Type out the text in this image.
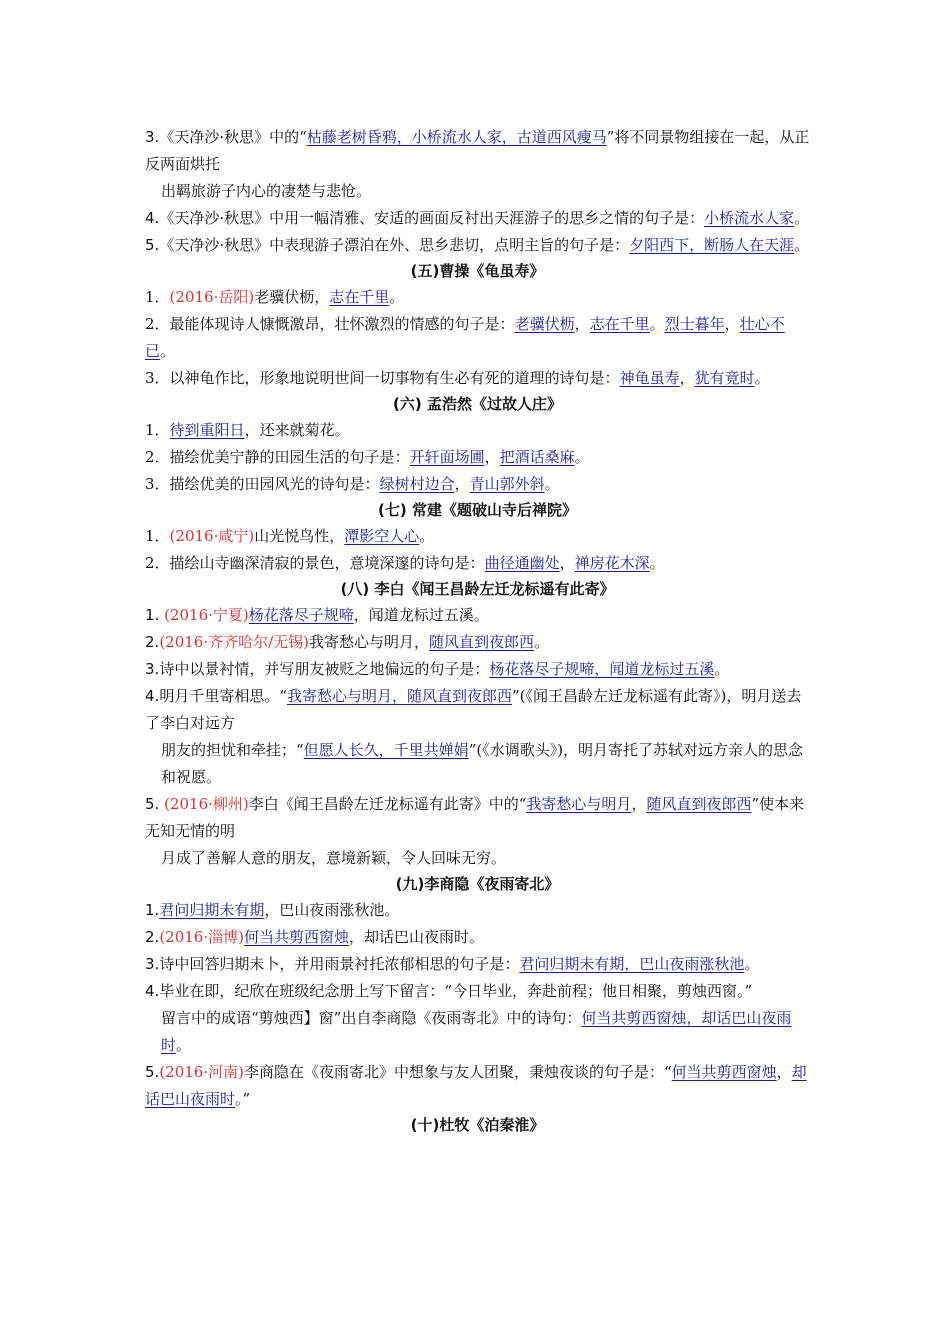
3.《天净沙·秋思》中的“枯藤老树昏鸦，小桥流水人家，古道西风瘦马”将不同景物组接在一起，从正反两面烘托

出羁旅游子内心的凄楚与悲怆。

4.《天净沙·秋思》中用一幅清雅、安适的画面反衬出天涯游子的思乡之情的句子是：小桥流水人家。

5.《天净沙·秋思》中表现游子漂泊在外、思乡悲切，点明主旨的句子是：夕阳西下，断肠人在天涯。

(五)曹操《龟虽寿》

1．(2016·岳阳)老骥伏枥，志在千里。

2．最能体现诗人慷慨激昂，壮怀激烈的情感的句子是：老骥伏枥，志在千里。烈士暮年，壮心不已。

3．以神龟作比，形象地说明世间一切事物有生必有死的道理的诗句是：神龟虽寿，犹有竟时。

(六) 孟浩然《过故人庄》

1．待到重阳日，还来就菊花。

2．描绘优美宁静的田园生活的句子是：开轩面场圃，把酒话桑麻。

3．描绘优美的田园风光的诗句是：绿树村边合，青山郭外斜。

(七) 常建《题破山寺后禅院》

1．(2016·咸宁)山光悦鸟性，潭影空人心。

2．描绘山寺幽深清寂的景色，意境深邃的诗句是：曲径通幽处，禅房花木深。

(八) 李白《闻王昌龄左迁龙标遥有此寄》

1. (2016·宁夏)杨花落尽子规啼，闻道龙标过五溪。

2.(2016·齐齐哈尔/无锡)我寄愁心与明月，随风直到夜郎西。

3.诗中以景衬情，并写朋友被贬之地偏远的句子是：杨花落尽子规啼，闻道龙标过五溪。

4.明月千里寄相思。“我寄愁心与明月，随风直到夜郎西”(《闻王昌龄左迁龙标遥有此寄》)，明月送去了李白对远方

朋友的担忧和牵挂；“但愿人长久，千里共婵娟”(《水调歌头》)，明月寄托了苏轼对远方亲人的思念和祝愿。

5. (2016·柳州)李白《闻王昌龄左迁龙标遥有此寄》中的“我寄愁心与明月，随风直到夜郎西”使本来无知无情的明

月成了善解人意的朋友，意境新颖，令人回味无穷。

(九)李商隐《夜雨寄北》

1.君问归期未有期，巴山夜雨涨秋池。

2.(2016·淄博)何当共剪西窗烛，却话巴山夜雨时。

3.诗中回答归期未卜，并用雨景衬托浓郁相思的句子是：君问归期未有期，巴山夜雨涨秋池。

4.毕业在即，纪欣在班级纪念册上写下留言：“今日毕业，奔赴前程；他日相聚，剪烛西窗。”

留言中的成语“剪烛西】窗”出自李商隐《夜雨寄北》中的诗句：何当共剪西窗烛，却话巴山夜雨时。

5.(2016·河南)李商隐在《夜雨寄北》中想象与友人团聚，秉烛夜谈的句子是：“何当共剪西窗烛，却话巴山夜雨时。”

(十)杜牧《泊秦淮》
